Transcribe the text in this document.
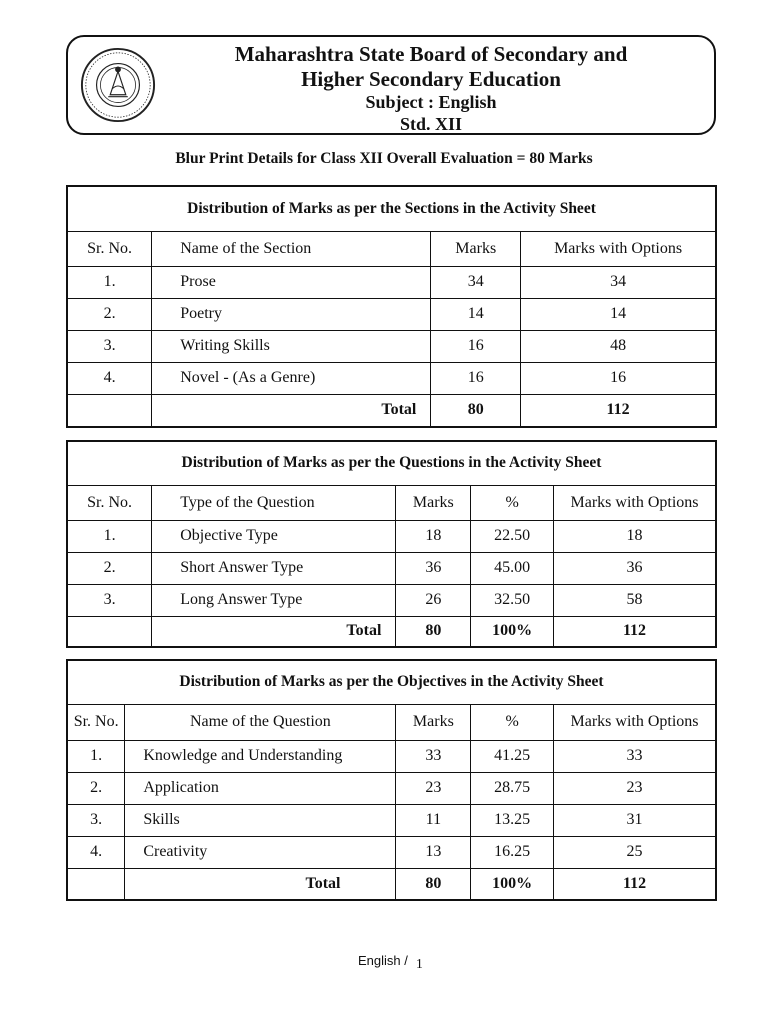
Maharashtra State Board of Secondary and
Higher Secondary Education
Subject : English
Std. XII
Blur Print Details for Class XII Overall Evaluation = 80 Marks
Distribution of Marks as per the Sections in the Activity Sheet			
Sr. No.	Name of the Section	Marks	Marks with Options
1.	Prose	34	34
2.	Poetry	14	14
3.	Writing Skills	16	48
4.	Novel - (As a Genre)	16	16
	Total	80	112
Distribution of Marks as per the Questions in the Activity Sheet				
Sr. No.	Type of the Question	Marks	%	Marks with Options
1.	Objective Type	18	22.50	18
2.	Short Answer Type	36	45.00	36
3.	Long Answer Type	26	32.50	58
	Total	80	100%	112
Distribution of Marks as per the Objectives in the Activity Sheet				
Sr. No.	Name of the Question	Marks	%	Marks with Options
1.	Knowledge and Understanding	33	41.25	33
2.	Application	23	28.75	23
3.	Skills	11	13.25	31
4.	Creativity	13	16.25	25
	Total	80	100%	112
English / 1
